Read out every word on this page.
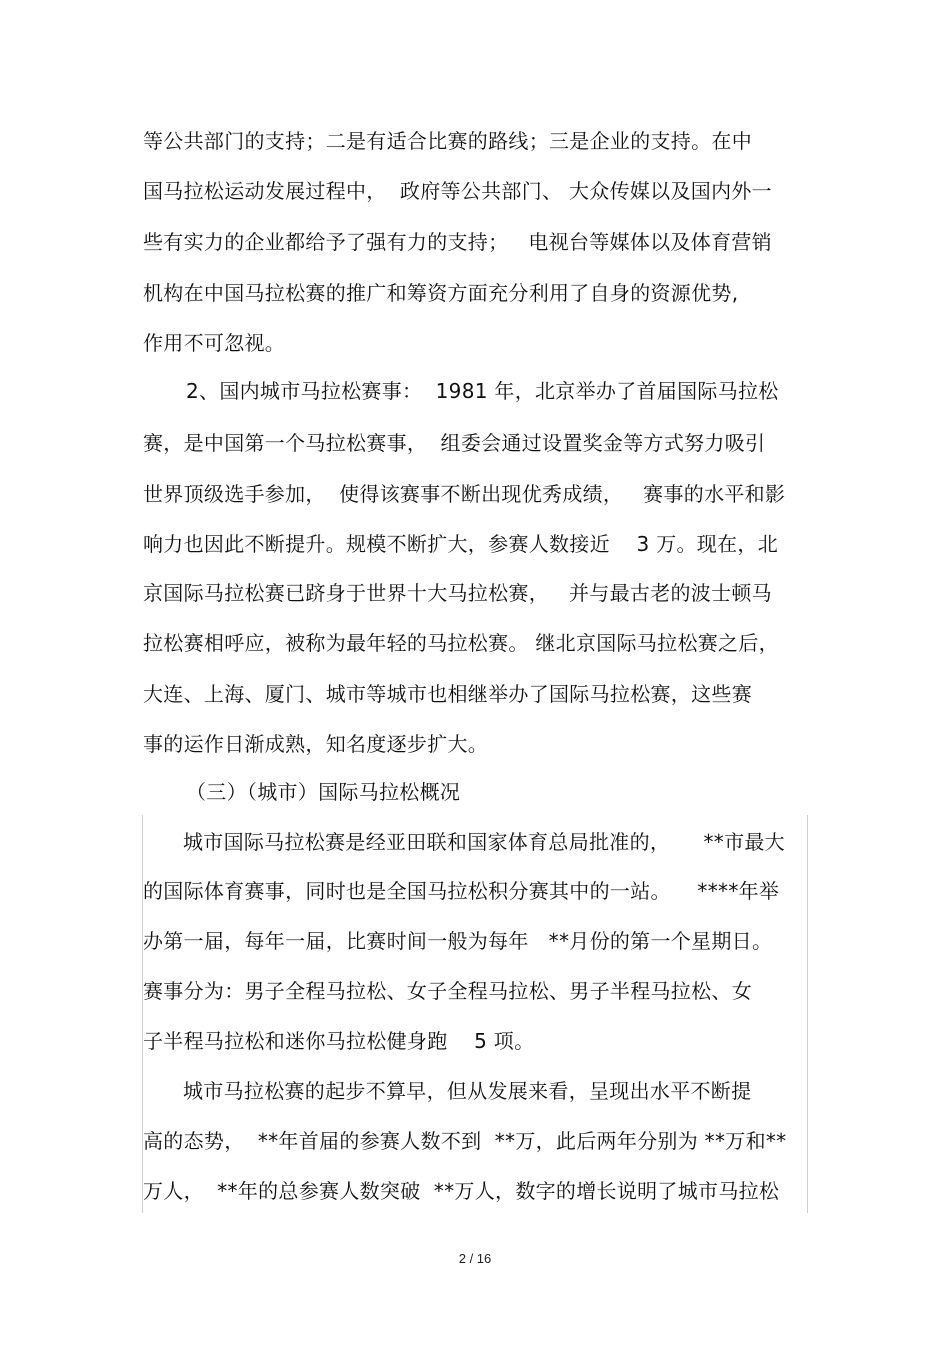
等公共部门的支持；二是有适合比赛的路线；三是企业的支持。在中
国马拉松运动发展过程中，  政府等公共部门、 大众传媒以及国内外一
些有实力的企业都给予了强有力的支持；   电视台等媒体以及体育营销
机构在中国马拉松赛的推广和筹资方面充分利用了自身的资源优势,
作用不可忽视。
2、国内城市马拉松赛事：  1981 年，北京举办了首届国际马拉松
赛，是中国第一个马拉松赛事，  组委会通过设置奖金等方式努力吸引
世界顶级选手参加，  使得该赛事不断出现优秀成绩，   赛事的水平和影
响力也因此不断提升。规模不断扩大，参赛人数接近    3 万。现在，北
京国际马拉松赛已跻身于世界十大马拉松赛，   并与最古老的波士顿马
拉松赛相呼应，被称为最年轻的马拉松赛。 继北京国际马拉松赛之后，
大连、上海、厦门、城市等城市也相继举办了国际马拉松赛，这些赛
事的运作日渐成熟，知名度逐步扩大。
（三）（城市）国际马拉松概况
城市国际马拉松赛是经亚田联和国家体育总局批准的，     **市最大
的国际体育赛事，同时也是全国马拉松积分赛其中的一站。    ****年举
办第一届，每年一届，比赛时间一般为每年   **月份的第一个星期日。
赛事分为：男子全程马拉松、女子全程马拉松、男子半程马拉松、女
子半程马拉松和迷你马拉松健身跑    5 项。
城市马拉松赛的起步不算早，但从发展来看，呈现出水平不断提
高的态势，  **年首届的参赛人数不到  **万，此后两年分别为 **万和**
万人，  **年的总参赛人数突破  **万人，数字的增长说明了城市马拉松
2 / 16
